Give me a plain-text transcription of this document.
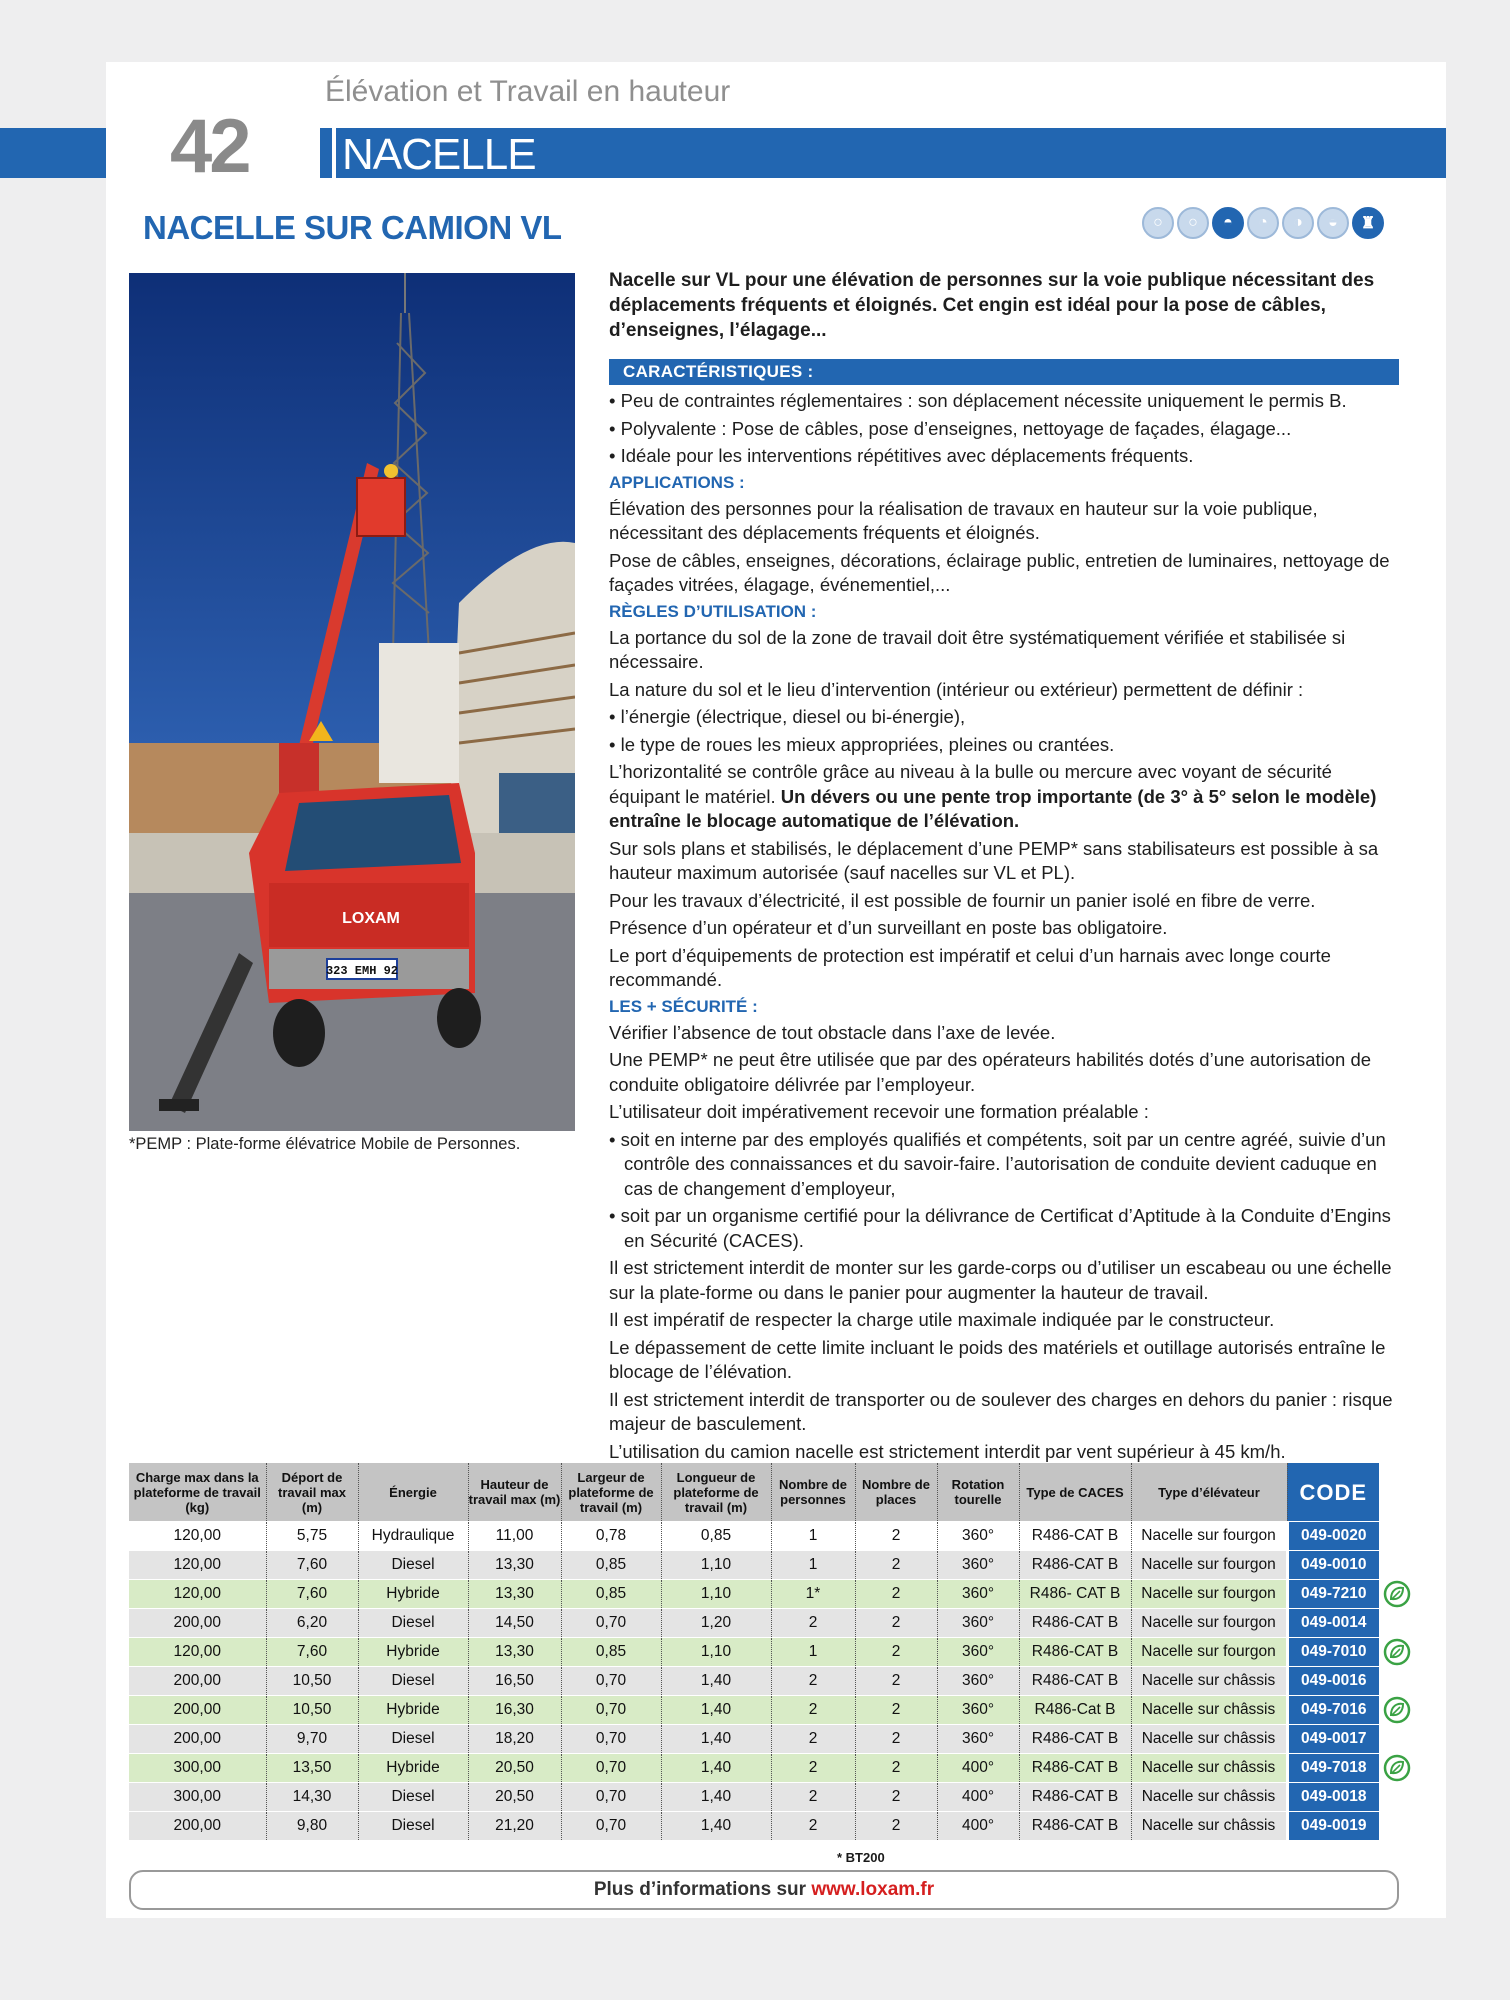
42
Élévation et Travail en hauteur
NACELLE
NACELLE SUR CAMION VL	○	○	◓	◔	◑	◒	♜
LOXAM
323 EMH 92
*PEMP : Plate-forme élévatrice Mobile de Personnes.

Nacelle sur VL pour une élévation de personnes sur la voie publique nécessitant des déplacements fréquents et éloignés. Cet engin est idéal pour la pose de câbles, d’enseignes, l’élagage...

CARACTÉRISTIQUES :

• Peu de contraintes réglementaires : son déplacement nécessite uniquement le permis B.

• Polyvalente : Pose de câbles, pose d’enseignes, nettoyage de façades, élagage...

• Idéale pour les interventions répétitives avec déplacements fréquents.

APPLICATIONS :

Élévation des personnes pour la réalisation de travaux en hauteur sur la voie publique, nécessitant des déplacements fréquents et éloignés.

Pose de câbles, enseignes, décorations, éclairage public, entretien de luminaires, nettoyage de façades vitrées, élagage, événementiel,...

RÈGLES D’UTILISATION :

La portance du sol de la zone de travail doit être systématiquement vérifiée et stabilisée si nécessaire.

La nature du sol et le lieu d’intervention (intérieur ou extérieur) permettent de définir :

• l’énergie (électrique, diesel ou bi-énergie),

• le type de roues les mieux appropriées, pleines ou crantées.

L’horizontalité se contrôle grâce au niveau à la bulle ou mercure avec voyant de sécurité équipant le matériel. Un dévers ou une pente trop importante (de 3° à 5° selon le modèle) entraîne le blocage automatique de l’élévation.

Sur sols plans et stabilisés, le déplacement d’une PEMP* sans stabilisateurs est possible à sa hauteur maximum autorisée (sauf nacelles sur VL et PL).

Pour les travaux d’électricité, il est possible de fournir un panier isolé en fibre de verre.

Présence d’un opérateur et d’un surveillant en poste bas obligatoire.

Le port d’équipements de protection est impératif et celui d’un harnais avec longe courte recommandé.

LES + SÉCURITÉ :

Vérifier l’absence de tout obstacle dans l’axe de levée.

Une PEMP* ne peut être utilisée que par des opérateurs habilités dotés d’une autorisation de conduite obligatoire délivrée par l’employeur.

L’utilisateur doit impérativement recevoir une formation préalable :

• soit en interne par des employés qualifiés et compétents, soit par un centre agréé, suivie d’un contrôle des connaissances et du savoir-faire. l’autorisation de conduite devient caduque en cas de changement d’employeur,

• soit par un organisme certifié pour la délivrance de Certificat d’Aptitude à la Conduite d’Engins en Sécurité (CACES).

Il est strictement interdit de monter sur les garde-corps ou d’utiliser un escabeau ou une échelle sur la plate-forme ou dans le panier pour augmenter la hauteur de travail.

Il est impératif de respecter la charge utile maximale indiquée par le constructeur.

Le dépassement de cette limite incluant le poids des matériels et outillage autorisés entraîne le blocage de l’élévation.

Il est strictement interdit de transporter ou de soulever des charges en dehors du panier : risque majeur de basculement.

L’utilisation du camion nacelle est strictement interdit par vent supérieur à 45 km/h.

Charge max dans la plateforme de travail (kg)	Déport de travail max (m)	Énergie	Hauteur de travail max (m)	Largeur de plateforme de travail (m)	Longueur de plateforme de travail (m)	Nombre de personnes	Nombre de places	Rotation tourelle	Type de CACES	Type d’élévateur	CODE
120,00	5,75	Hydraulique	11,00	0,78	0,85	1	2	360°	R486-CAT B	Nacelle sur fourgon	049-0020
120,00	7,60	Diesel	13,30	0,85	1,10	1	2	360°	R486-CAT B	Nacelle sur fourgon	049-0010
120,00	7,60	Hybride	13,30	0,85	1,10	1*	2	360°	R486- CAT B	Nacelle sur fourgon	049-7210
200,00	6,20	Diesel	14,50	0,70	1,20	2	2	360°	R486-CAT B	Nacelle sur fourgon	049-0014
120,00	7,60	Hybride	13,30	0,85	1,10	1	2	360°	R486-CAT B	Nacelle sur fourgon	049-7010
200,00	10,50	Diesel	16,50	0,70	1,40	2	2	360°	R486-CAT B	Nacelle sur châssis	049-0016
200,00	10,50	Hybride	16,30	0,70	1,40	2	2	360°	R486-Cat B	Nacelle sur châssis	049-7016
200,00	9,70	Diesel	18,20	0,70	1,40	2	2	360°	R486-CAT B	Nacelle sur châssis	049-0017
300,00	13,50	Hybride	20,50	0,70	1,40	2	2	400°	R486-CAT B	Nacelle sur châssis	049-7018
300,00	14,30	Diesel	20,50	0,70	1,40	2	2	400°	R486-CAT B	Nacelle sur châssis	049-0018
200,00	9,80	Diesel	21,20	0,70	1,40	2	2	400°	R486-CAT B	Nacelle sur châssis	049-0019
* BT200
Plus d’informations sur www.loxam.fr
